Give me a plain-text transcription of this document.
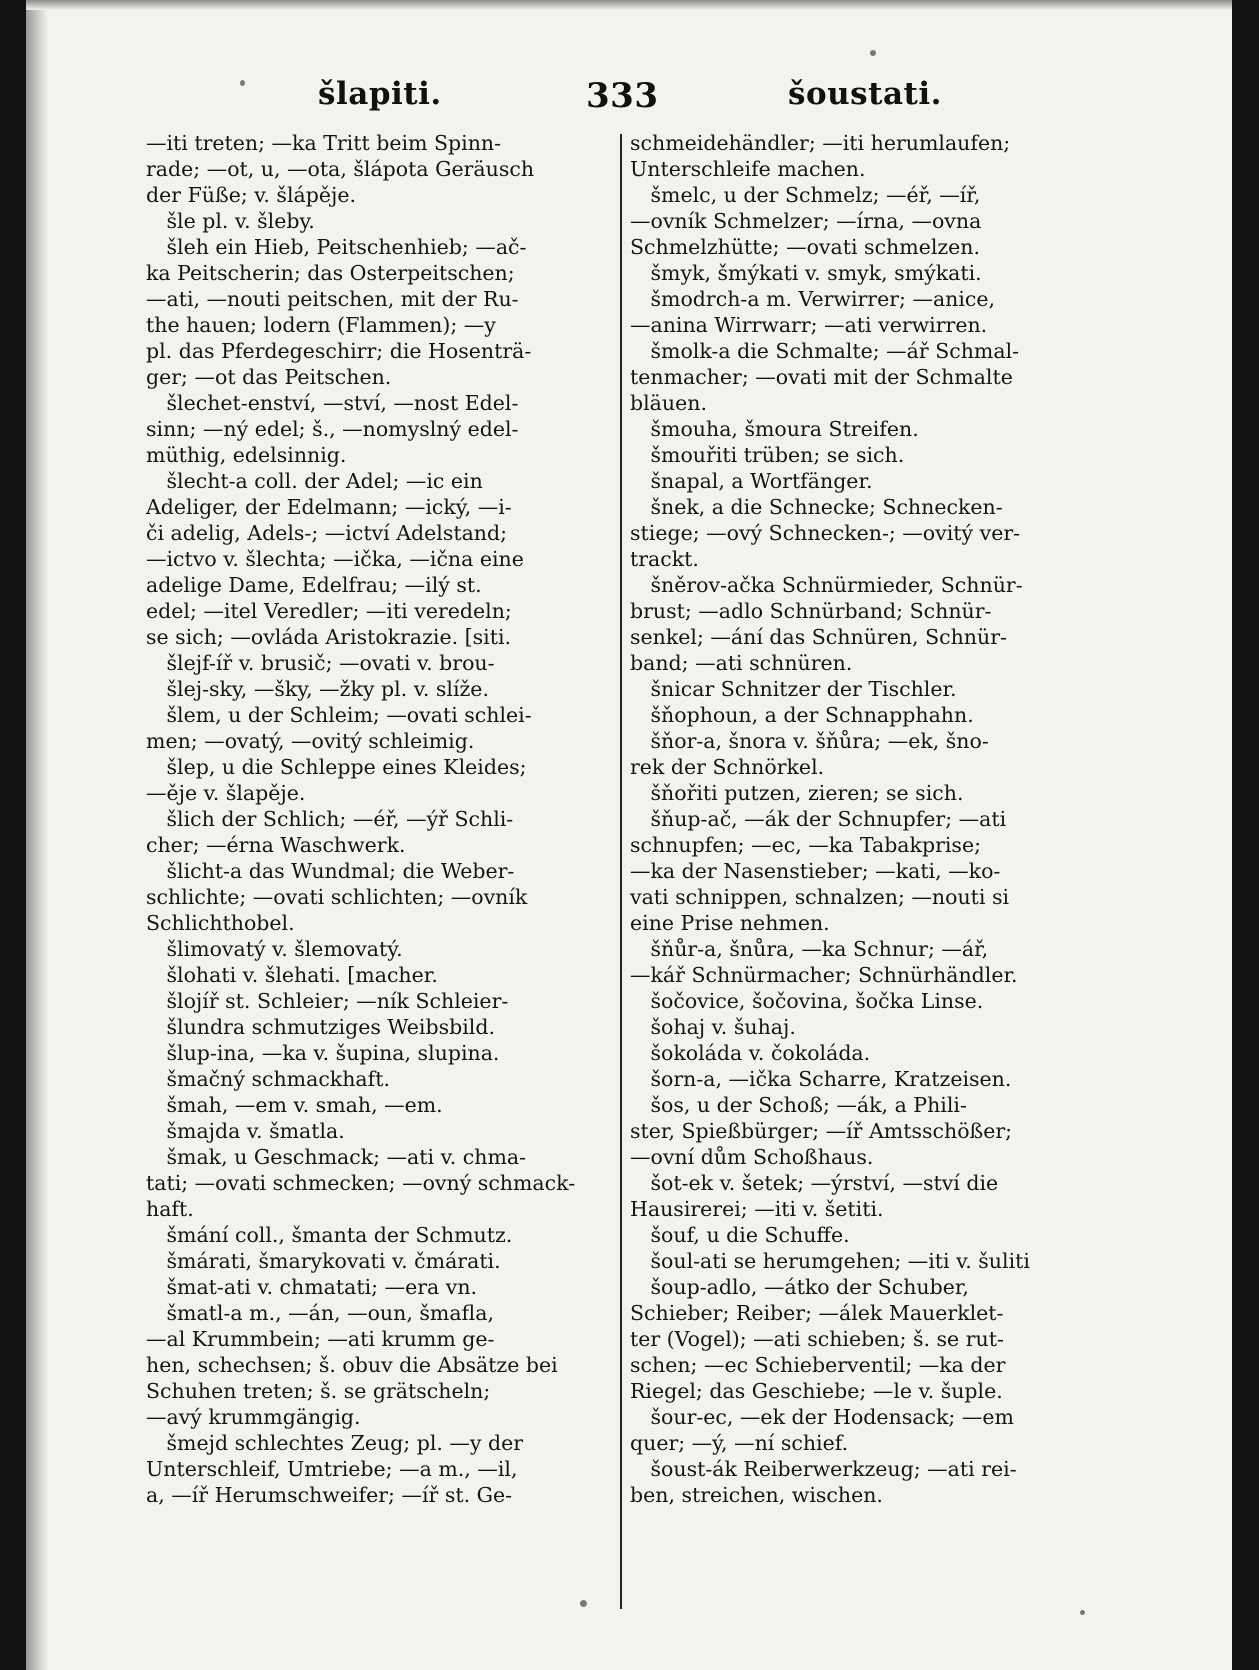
šlapiti.	333	šoustati.
—iti treten; —ka Tritt beim Spinn-
rade; —ot, u, —ota, šlápota Geräusch
der Füße; v. šlápěje.
 šle pl. v. šleby.
 šleh ein Hieb, Peitschenhieb; —ač-
ka Peitscherin; das Osterpeitschen;
—ati, —nouti peitschen, mit der Ru-
the hauen; lodern (Flammen); —y
pl. das Pferdegeschirr; die Hosenträ-
ger; —ot das Peitschen.
 šlechet-enství, —ství, —nost Edel-
sinn; —ný edel; š., —nomyslný edel-
müthig, edelsinnig.
 šlecht-a coll. der Adel; —ic ein
Adeliger, der Edelmann; —ický, —i-
či adelig, Adels-; —ictví Adelstand;
—ictvo v. šlechta; —ička, —ična eine
adelige Dame, Edelfrau; —ilý st.
edel; —itel Veredler; —iti veredeln;
se sich; —ovláda Aristokrazie. [siti.
 šlejf-íř v. brusič; —ovati v. brou-
 šlej-sky, —šky, —žky pl. v. slíže.
 šlem, u der Schleim; —ovati schlei-
men; —ovatý, —ovitý schleimig.
 šlep, u die Schleppe eines Kleides;
—ěje v. šlapěje.
 šlich der Schlich; —éř, —ýř Schli-
cher; —érna Waschwerk.
 šlicht-a das Wundmal; die Weber-
schlichte; —ovati schlichten; —ovník
Schlichthobel.
 šlimovatý v. šlemovatý.
 šlohati v. šlehati. [macher.
 šlojíř st. Schleier; —ník Schleier-
 šlundra schmutziges Weibsbild.
 šlup-ina, —ka v. šupina, slupina.
 šmačný schmackhaft.
 šmah, —em v. smah, —em.
 šmajda v. šmatla.
 šmak, u Geschmack; —ati v. chma-
tati; —ovati schmecken; —ovný schmack-
haft.
 šmání coll., šmanta der Schmutz.
 šmárati, šmarykovati v. čmárati.
 šmat-ati v. chmatati; —era vn.
 šmatl-a m., —án, —oun, šmafla,
—al Krummbein; —ati krumm ge-
hen, schechsen; š. obuv die Absätze bei
Schuhen treten; š. se grätscheln;
—avý krummgängig.
 šmejd schlechtes Zeug; pl. —y der
Unterschleif, Umtriebe; —a m., —il,
a, —íř Herumschweifer; —íř st. Ge-
schmeidehändler; —iti herumlaufen;
Unterschleife machen.
 šmelc, u der Schmelz; —éř, —íř,
—ovník Schmelzer; —írna, —ovna
Schmelzhütte; —ovati schmelzen.
 šmyk, šmýkati v. smyk, smýkati.
 šmodrch-a m. Verwirrer; —anice,
—anina Wirrwarr; —ati verwirren.
 šmolk-a die Schmalte; —ář Schmal-
tenmacher; —ovati mit der Schmalte
bläuen.
 šmouha, šmoura Streifen.
 šmouřiti trüben; se sich.
 šnapal, a Wortfänger.
 šnek, a die Schnecke; Schnecken-
stiege; —ový Schnecken-; —ovitý ver-
trackt.
 šněrov-ačka Schnürmieder, Schnür-
brust; —adlo Schnürband; Schnür-
senkel; —ání das Schnüren, Schnür-
band; —ati schnüren.
 šnicar Schnitzer der Tischler.
 šňophoun, a der Schnapphahn.
 šňor-a, šnora v. šňůra; —ek, šno-
rek der Schnörkel.
 šňořiti putzen, zieren; se sich.
 šňup-ač, —ák der Schnupfer; —ati
schnupfen; —ec, —ka Tabakprise;
—ka der Nasenstieber; —kati, —ko-
vati schnippen, schnalzen; —nouti si
eine Prise nehmen.
 šňůr-a, šnůra, —ka Schnur; —ář,
—kář Schnürmacher; Schnürhändler.
 šočovice, šočovina, šočka Linse.
 šohaj v. šuhaj.
 šokoláda v. čokoláda.
 šorn-a, —ička Scharre, Kratzeisen.
 šos, u der Schoß; —ák, a Phili-
ster, Spießbürger; —íř Amtsschößer;
—ovní dům Schoßhaus.
 šot-ek v. šetek; —ýrství, —ství die
Hausirerei; —iti v. šetiti.
 šouf, u die Schuffe.
 šoul-ati se herumgehen; —iti v. šuliti
 šoup-adlo, —átko der Schuber,
Schieber; Reiber; —álek Mauerklet-
ter (Vogel); —ati schieben; š. se rut-
schen; —ec Schieberventil; —ka der
Riegel; das Geschiebe; —le v. šuple.
 šour-ec, —ek der Hodensack; —em
quer; —ý, —ní schief.
 šoust-ák Reiberwerkzeug; —ati rei-
ben, streichen, wischen.
